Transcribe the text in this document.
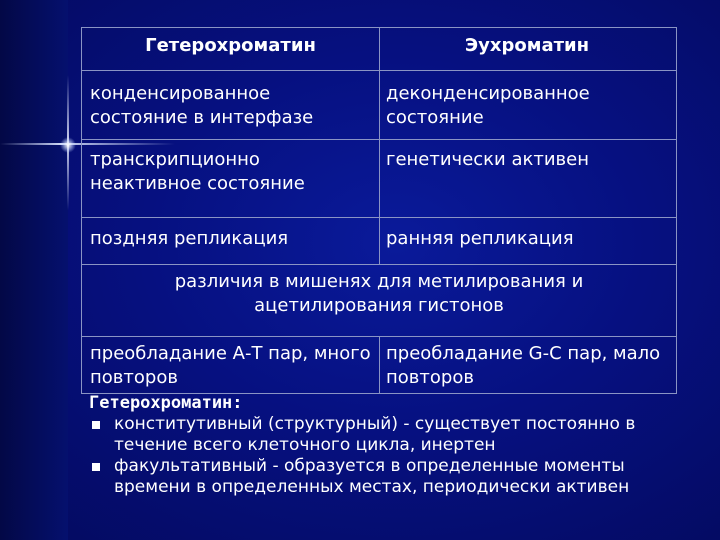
Гетерохроматин	Эухроматин
конденсированное состояние в интерфазе
деконденсированное состояние
транскрипционно неактивное состояние
генетически активен
поздняя репликация	ранняя репликация
различия в мишенях для метилирования и ацетилирования гистонов
преобладание А-Т пар, много повторов
преобладание G-C пар, мало повторов
Гетерохроматин:
конститутивный (структурный) - существует постоянно в течение всего клеточного цикла, инертен
факультативный - образуется в определенные моменты времени в определенных местах, периодически активен
